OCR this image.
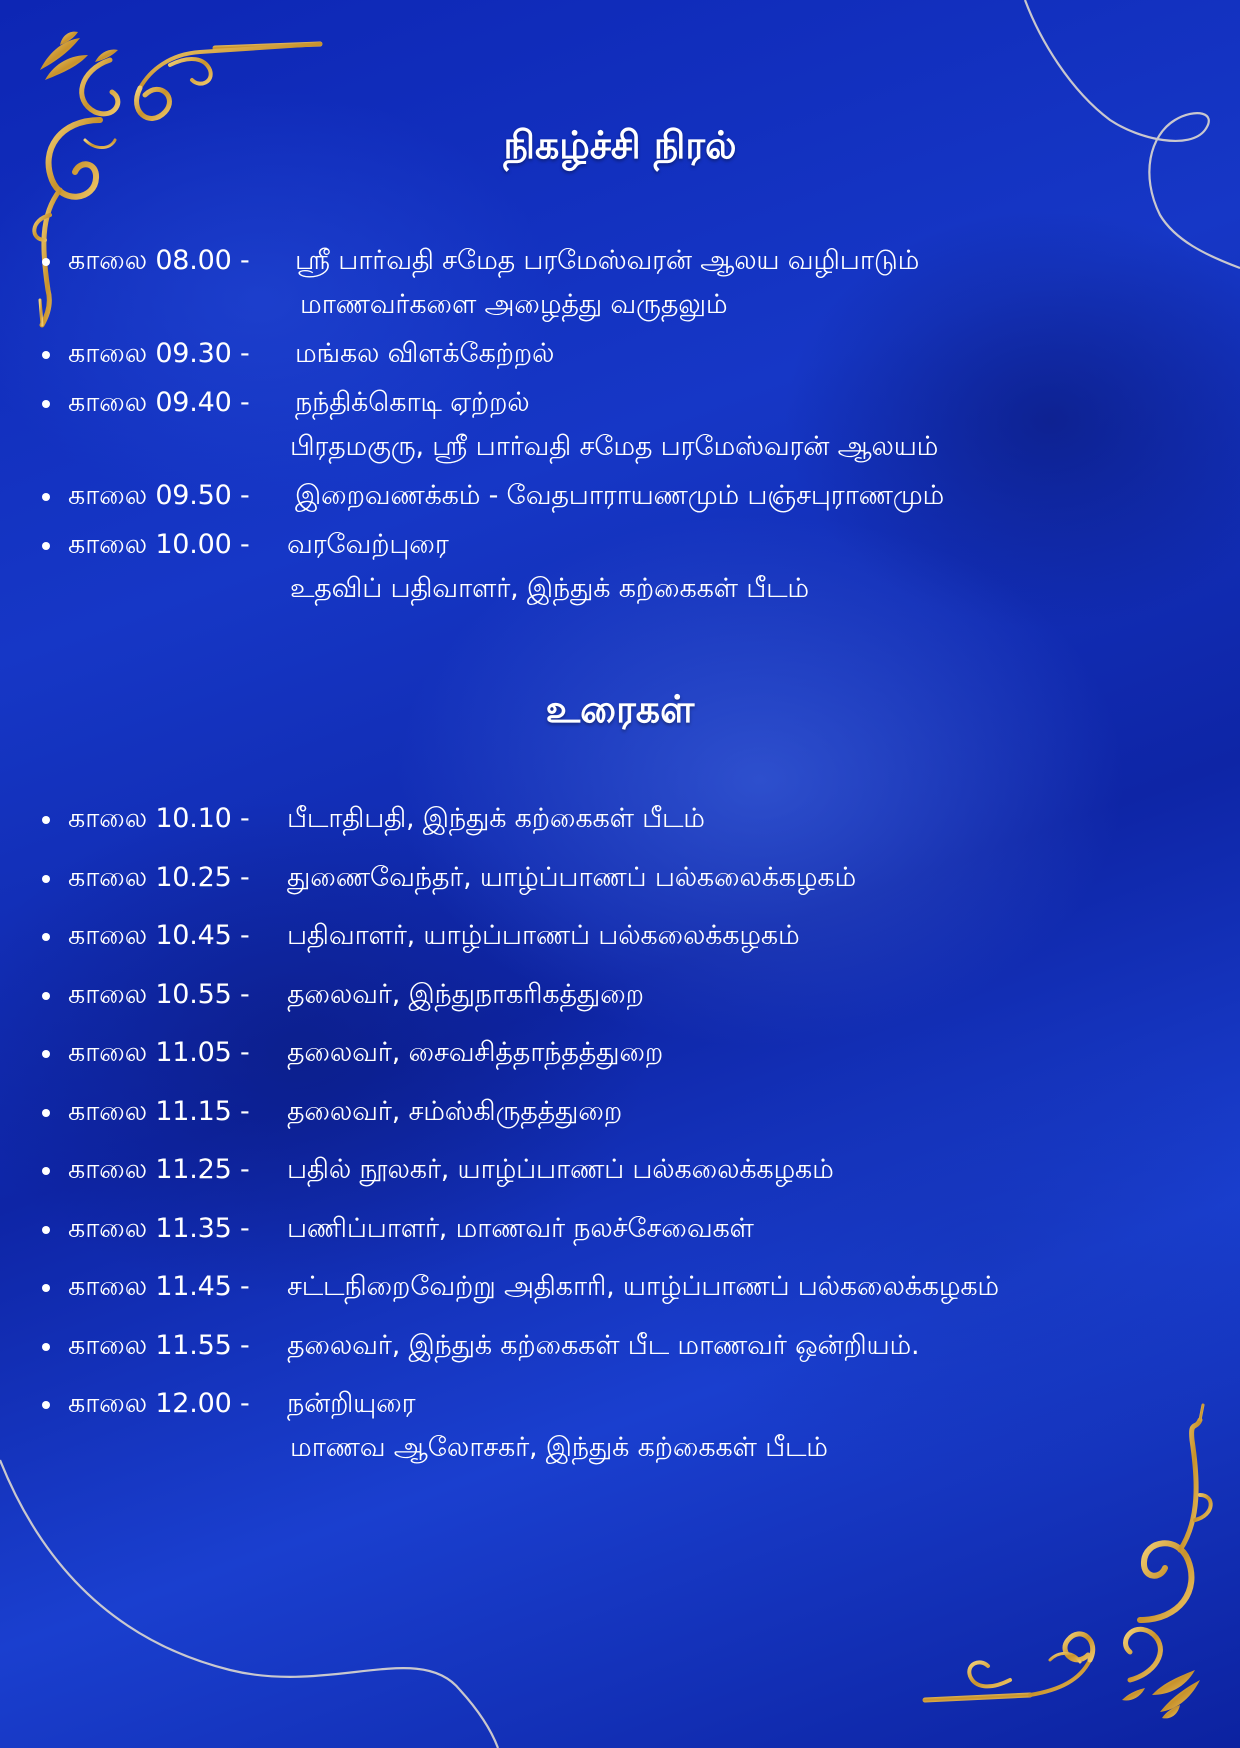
நிகழ்ச்சி நிரல்
காலை 08.00 - ஸ்ரீ பார்வதி சமேத பரமேஸ்வரன் ஆலய வழிபாடும்
மாணவர்களை அழைத்து வருதலும்
காலை 09.30 - மங்கல விளக்கேற்றல்
காலை 09.40 - நந்திக்கொடி ஏற்றல்
பிரதமகுரு, ஸ்ரீ பார்வதி சமேத பரமேஸ்வரன் ஆலயம்
காலை 09.50 - இறைவணக்கம் - வேதபாராயணமும் பஞ்சபுராணமும்
காலை 10.00 - வரவேற்புரை
உதவிப் பதிவாளர், இந்துக் கற்கைகள் பீடம்
உரைகள்
காலை 10.10 - பீடாதிபதி, இந்துக் கற்கைகள் பீடம்
காலை 10.25 - துணைவேந்தர், யாழ்ப்பாணப் பல்கலைக்கழகம்
காலை 10.45 - பதிவாளர், யாழ்ப்பாணப் பல்கலைக்கழகம்
காலை 10.55 - தலைவர், இந்துநாகரிகத்துறை
காலை 11.05 - தலைவர், சைவசித்தாந்தத்துறை
காலை 11.15 - தலைவர், சம்ஸ்கிருதத்துறை
காலை 11.25 - பதில் நூலகர், யாழ்ப்பாணப் பல்கலைக்கழகம்
காலை 11.35 - பணிப்பாளர், மாணவர் நலச்சேவைகள்
காலை 11.45 - சட்டநிறைவேற்று அதிகாரி, யாழ்ப்பாணப் பல்கலைக்கழகம்
காலை 11.55 - தலைவர், இந்துக் கற்கைகள் பீட மாணவர் ஒன்றியம்.
காலை 12.00 - நன்றியுரை
மாணவ ஆலோசகர், இந்துக் கற்கைகள் பீடம்
